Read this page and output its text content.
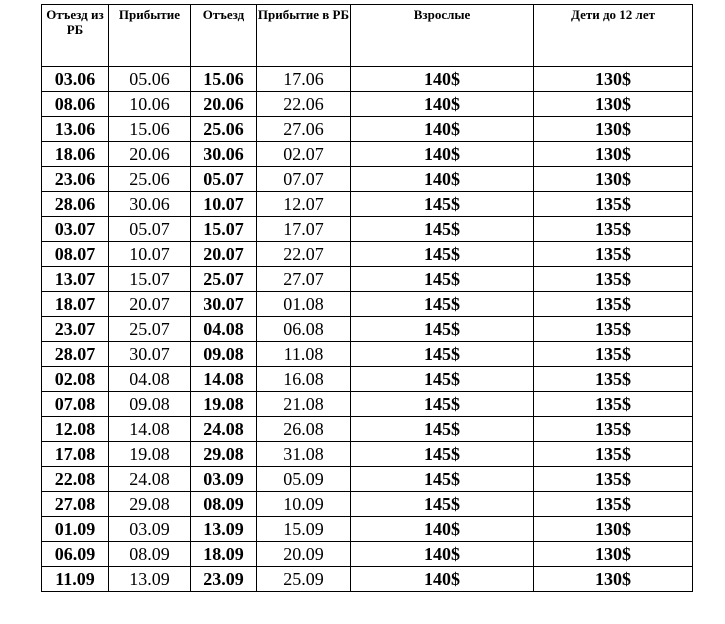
Отъезд из РБ	Прибытие	Отъезд	Прибытие в РБ	Взрослые	Дети до 12 лет
03.06	05.06	15.06	17.06	140$	130$
08.06	10.06	20.06	22.06	140$	130$
13.06	15.06	25.06	27.06	140$	130$
18.06	20.06	30.06	02.07	140$	130$
23.06	25.06	05.07	07.07	140$	130$
28.06	30.06	10.07	12.07	145$	135$
03.07	05.07	15.07	17.07	145$	135$
08.07	10.07	20.07	22.07	145$	135$
13.07	15.07	25.07	27.07	145$	135$
18.07	20.07	30.07	01.08	145$	135$
23.07	25.07	04.08	06.08	145$	135$
28.07	30.07	09.08	11.08	145$	135$
02.08	04.08	14.08	16.08	145$	135$
07.08	09.08	19.08	21.08	145$	135$
12.08	14.08	24.08	26.08	145$	135$
17.08	19.08	29.08	31.08	145$	135$
22.08	24.08	03.09	05.09	145$	135$
27.08	29.08	08.09	10.09	145$	135$
01.09	03.09	13.09	15.09	140$	130$
06.09	08.09	18.09	20.09	140$	130$
11.09	13.09	23.09	25.09	140$	130$
